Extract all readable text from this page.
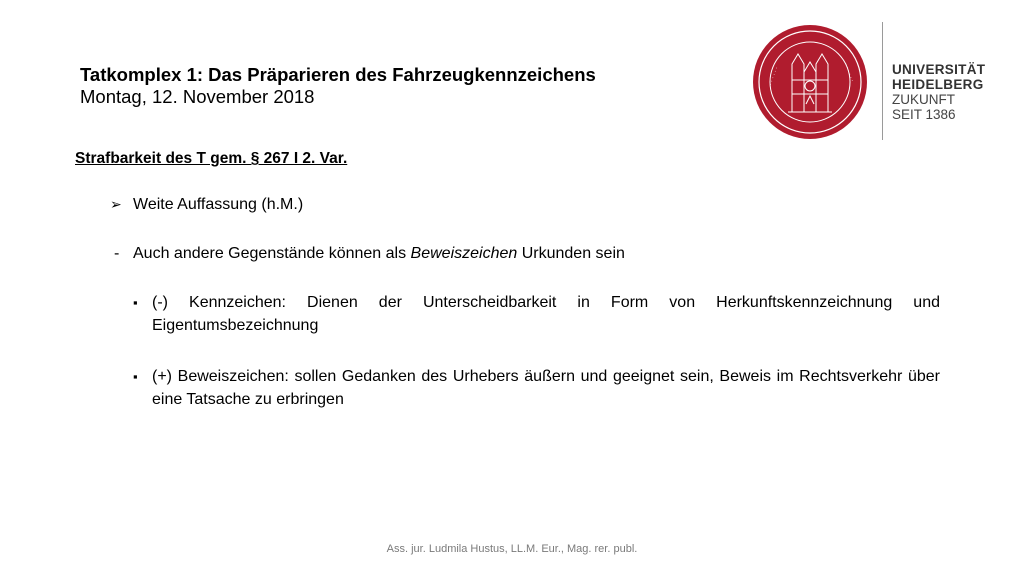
Tatkomplex 1: Das Präparieren des Fahrzeugkennzeichens
Montag, 12. November 2018
· · · · · ·	· · · · · ·	UNIVERSITÄT
HEIDELBERG
ZUKUNFT
SEIT 1386
Strafbarkeit des T gem. § 267 I 2. Var.
➢ Weite Auffassung (h.M.)
- Auch andere Gegenstände können als Beweiszeichen Urkunden sein
▪ (-) Kennzeichen: Dienen der Unterscheidbarkeit in Form von Herkunftskennzeichnung und Eigentumsbezeichnung
▪ (+) Beweiszeichen: sollen Gedanken des Urhebers äußern und geeignet sein, Beweis im Rechtsverkehr über eine Tatsache zu erbringen
Ass. jur. Ludmila Hustus, LL.M. Eur., Mag. rer. publ.
